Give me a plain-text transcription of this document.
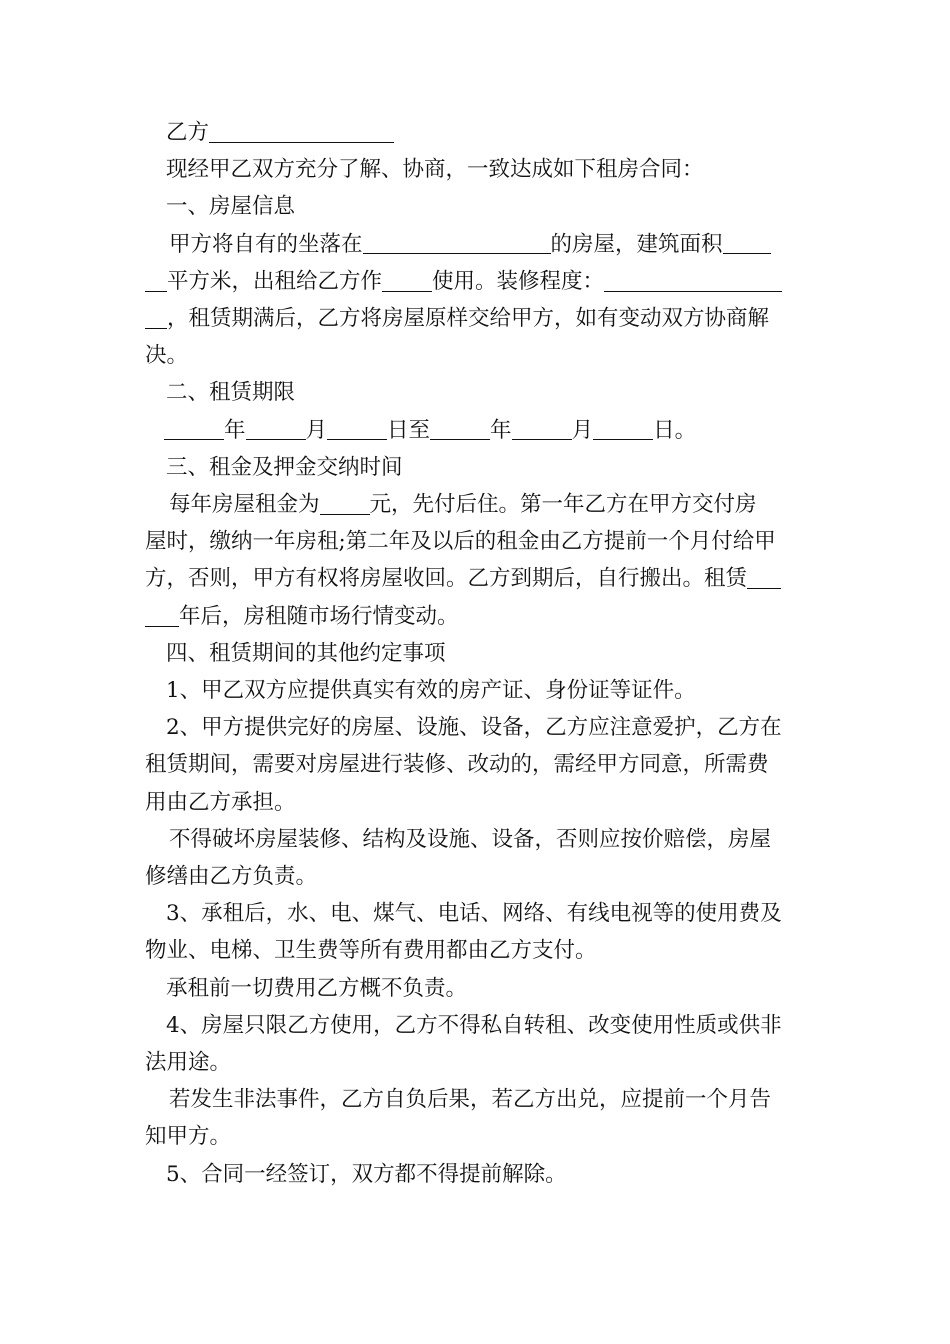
乙方
现经甲乙双方充分了解、协商，一致达成如下租房合同：
一、房屋信息
甲方将自有的坐落在	的房屋，建筑面积
平方米，出租给乙方作 使用。装修程度：
，租赁期满后，乙方将房屋原样交给甲方，如有变动双方协商解
决。
二、租赁期限
年	月	日至	年	月	日。
三、租金及押金交纳时间
每年房屋租金为 元，先付后住。第一年乙方在甲方交付房
屋时，缴纳一年房租;第二年及以后的租金由乙方提前一个月付给甲
方，否则，甲方有权将房屋收回。乙方到期后，自行搬出。租赁
年后，房租随市场行情变动。
四、租赁期间的其他约定事项
1、甲乙双方应提供真实有效的房产证、身份证等证件。
2、甲方提供完好的房屋、设施、设备，乙方应注意爱护，乙方在
租赁期间，需要对房屋进行装修、改动的，需经甲方同意，所需费
用由乙方承担。
不得破坏房屋装修、结构及设施、设备，否则应按价赔偿，房屋
修缮由乙方负责。
3、承租后，水、电、煤气、电话、网络、有线电视等的使用费及
物业、电梯、卫生费等所有费用都由乙方支付。
承租前一切费用乙方概不负责。
4、房屋只限乙方使用，乙方不得私自转租、改变使用性质或供非
法用途。
若发生非法事件，乙方自负后果，若乙方出兑，应提前一个月告
知甲方。
5、合同一经签订，双方都不得提前解除。
